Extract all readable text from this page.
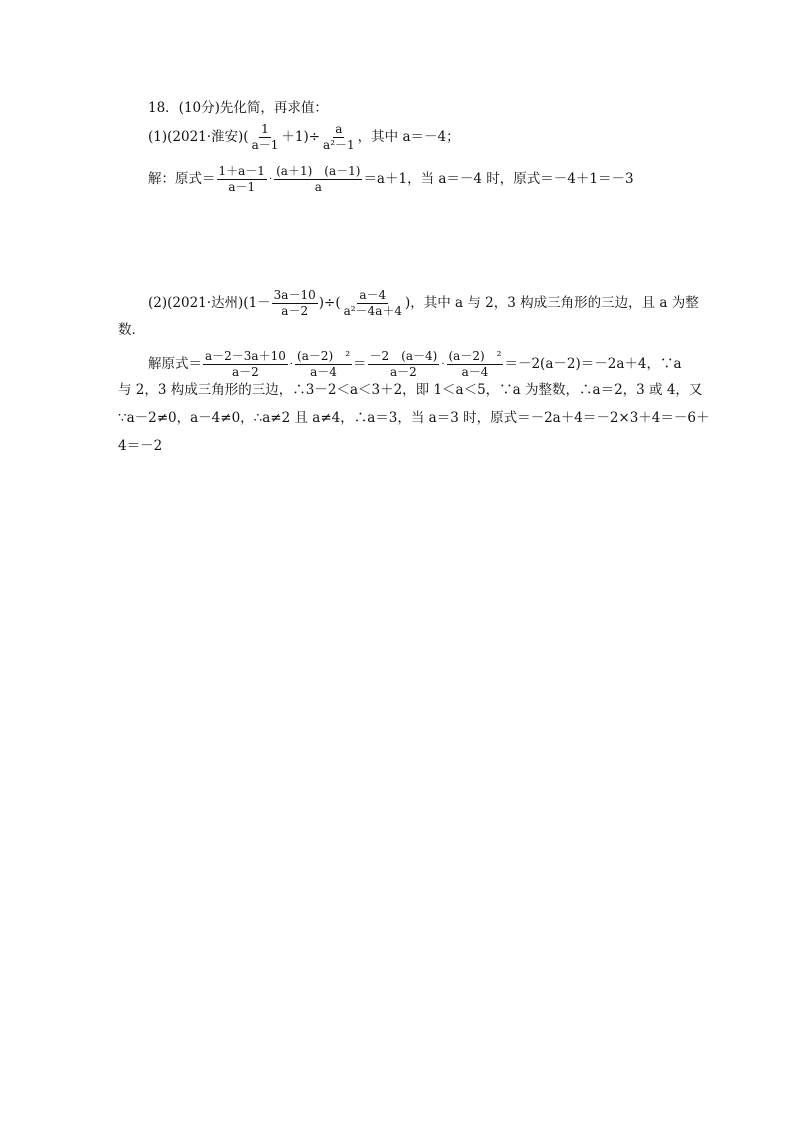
18．(10分)先化简，再求值：
(1)(2021·淮安)( $\frac{1}{a-1} +1)\div \frac{a}{\text{a²－1}}$ ，其中 a＝－4；
解：原式＝ $\frac{1+a-1}{a-1} \cdot \frac{(a+1) (a-1)}{a} =a+1$，当 a＝－4 时，原式＝－4＋1＝－3
(2)(2021·达州)($1- \frac{3a-10}{a-2}$ )÷( $\frac{a-4}{\text{a²－4a＋4}}$ )，其中 a 与 2，3 构成三角形的三边，且 a 为整
数．
解原式＝ $\frac{a-2-3a+10}{a-2} \cdot \frac{\text{(a－2)　²}}{a-4} = \frac{-2 (a-4)}{a-2} \cdot \frac{\text{(a－2)　²}}{a-4} =-2(a-2)=-2a+4$，∵a
与 2，3 构成三角形的三边，∴3－2＜a＜3＋2，即 1＜a＜5，∵a 为整数，∴a＝2，3 或 4，又
∵a－2≠0，a－4≠0，∴a≠2 且 a≠4，∴a＝3，当 a＝3 时，原式＝－2a＋4＝－2×3＋4＝－6＋
4＝－2
